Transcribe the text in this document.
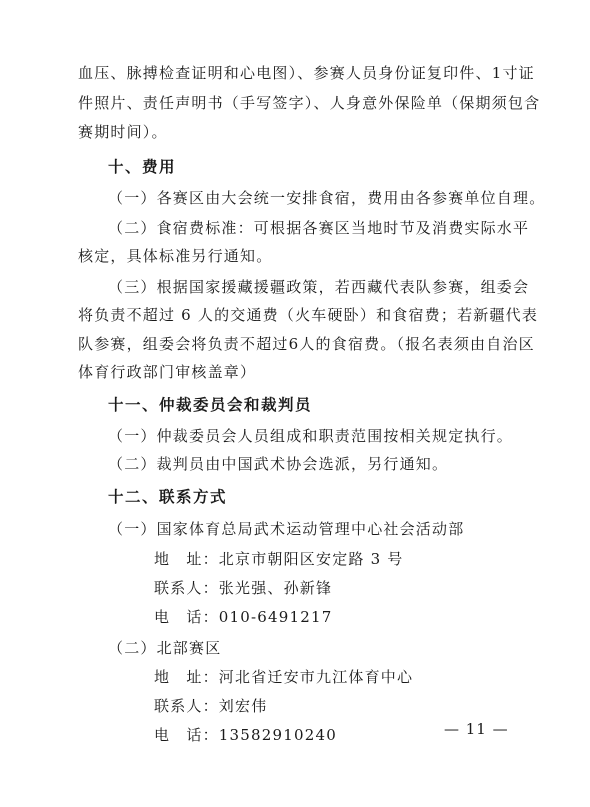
血压、脉搏检查证明和心电图）、参赛人员身份证复印件、1寸证
件照片、责任声明书（手写签字）、人身意外保险单（保期须包含
赛期时间）。
十、费用
（一）各赛区由大会统一安排食宿，费用由各参赛单位自理。
（二）食宿费标准：可根据各赛区当地时节及消费实际水平
核定，具体标准另行通知。
（三）根据国家援藏援疆政策，若西藏代表队参赛，组委会
将负责不超过 6 人的交通费（火车硬卧）和食宿费；若新疆代表
队参赛，组委会将负责不超过6人的食宿费。（报名表须由自治区
体育行政部门审核盖章）
十一、仲裁委员会和裁判员
（一）仲裁委员会人员组成和职责范围按相关规定执行。
（二）裁判员由中国武术协会选派，另行通知。
十二、联系方式
（一）国家体育总局武术运动管理中心社会活动部
地　址：北京市朝阳区安定路 3 号
联系人：张光强、孙新锋
电　话：010-6491217
（二）北部赛区
地　址：河北省迁安市九江体育中心
联系人：刘宏伟
电　话：13582910240	— 11 —
